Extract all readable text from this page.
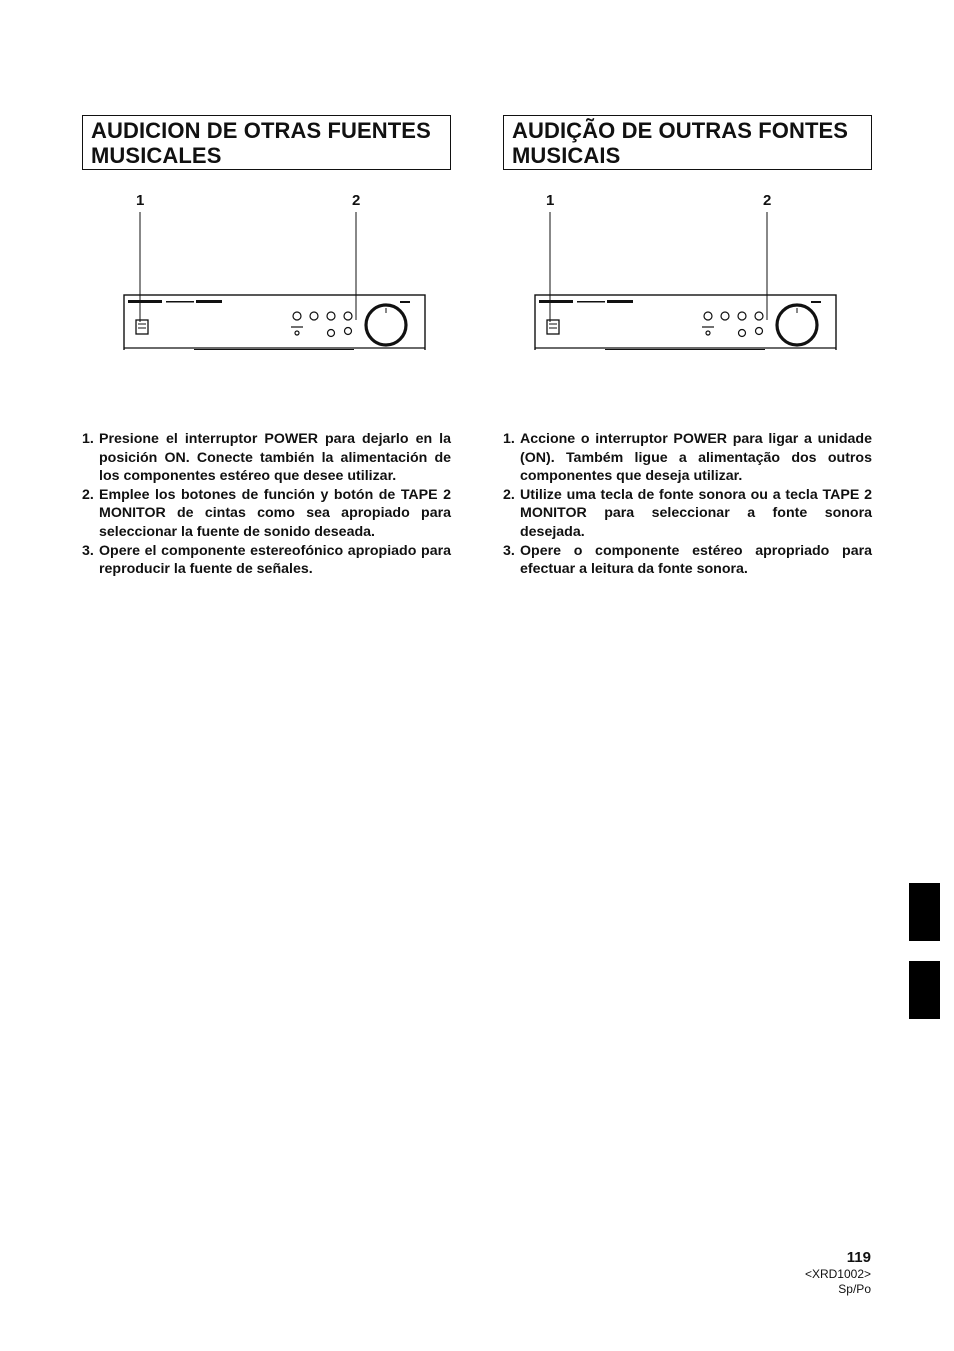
AUDICION DE OTRAS FUENTES MUSICALES
1	2
1. Presione el interruptor POWER para dejarlo en la posición ON. Conecte también la alimentación de los componentes estéreo que desee utilizar.
2. Emplee los botones de función y botón de TAPE 2 MONITOR de cintas como sea apropiado para seleccionar la fuente de sonido deseada.
3. Opere el componente estereofónico apropiado para reproducir la fuente de señales.
AUDIÇÃO DE OUTRAS FONTES MUSICAIS
1	2
1. Accione o interruptor POWER para ligar a unidade (ON). Também ligue a alimentação dos outros componentes que deseja utilizar.
2. Utilize uma tecla de fonte sonora ou a tecla TAPE 2 MONITOR para seleccionar a fonte sonora desejada.
3. Opere o componente estéreo apropriado para efectuar a leitura da fonte sonora.
119
<XRD1002>
Sp/Po
